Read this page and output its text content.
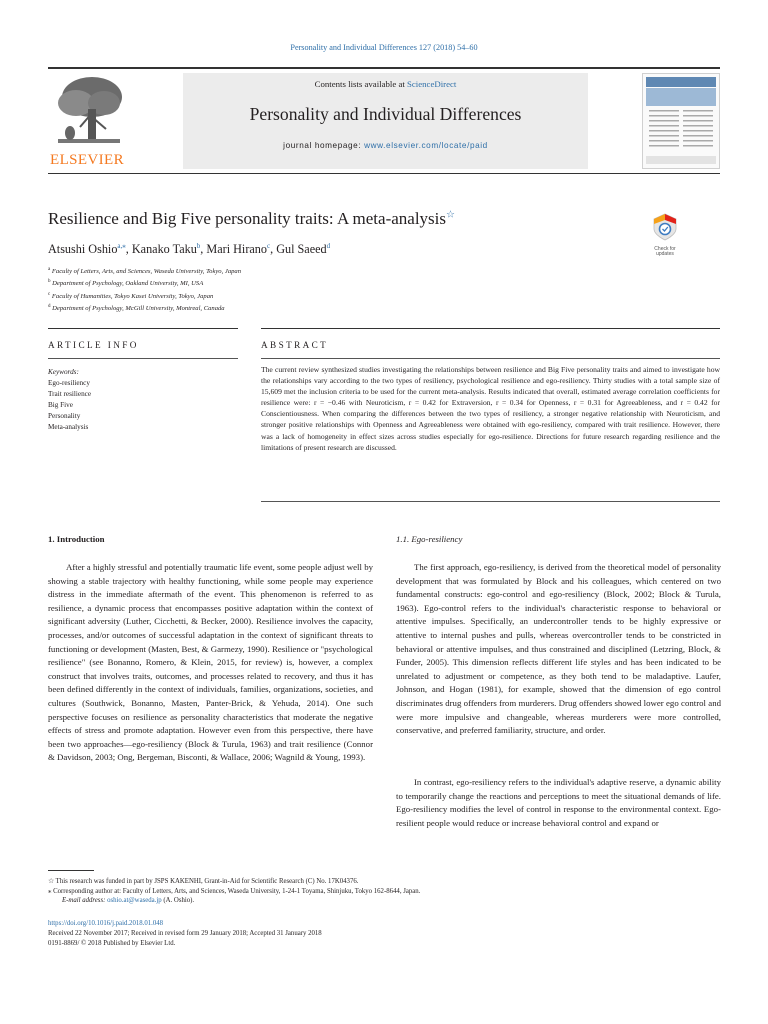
Personality and Individual Differences 127 (2018) 54–60
ELSEVIER
Contents lists available at ScienceDirect
Personality and Individual Differences
journal homepage: www.elsevier.com/locate/paid
Resilience and Big Five personality traits: A meta-analysis☆
Check for updates
Atsushi Oshio$^{a,⁎}$, Kanako Taku$^b$, Mari Hirano$^c$, Gul Saeed$^d$
$^a$ Faculty of Letters, Arts, and Sciences, Waseda University, Tokyo, Japan
$^b$ Department of Psychology, Oakland University, MI, USA
$^c$ Faculty of Humanities, Tokyo Kasei University, Tokyo, Japan
$^d$ Department of Psychology, McGill University, Montreal, Canada
ARTICLE INFO	ABSTRACT
Keywords:
Ego-resiliency
Trait resilience
Big Five
Personality
Meta-analysis

The current review synthesized studies investigating the relationships between resilience and Big Five personality traits and aimed to investigate how the relationships vary according to the two types of resiliency, psychological resilience and ego-resiliency. Thirty studies with a total sample size of 15,609 met the inclusion criteria to be used for the current meta-analysis. Results indicated that overall, estimated average correlation coefficients for resilience were: r = −0.46 with Neuroticism, r = 0.42 for Extraversion, r = 0.34 for Openness, r = 0.31 for Agreeableness, and r = 0.42 for Conscientiousness. When comparing the differences between the two types of resiliency, a stronger negative relationship with Neuroticism, and stronger positive relationships with Openness and Agreeableness were obtained with ego-resiliency, compared with trait resilience. However, there was a lack of homogeneity in effect sizes across studies especially for ego-resilience. Directions for future research regarding resilience and the limitations of present research are discussed.

1. Introduction	1.1. Ego-resiliency

After a highly stressful and potentially traumatic life event, some people adjust well by showing a stable trajectory with healthy functioning, while some people may experience distress in the immediate aftermath of the event. This phenomenon is referred to as resilience, a dynamic process that encompasses positive adaptation within the context of significant adversity (Luther, Cicchetti, & Becker, 2000). Resilience involves the capacity, processes, and/or outcomes of successful adaptation in the context of significant threats to functioning or development (Masten, Best, & Garmezy, 1990). Resilience or "psychological resilience" (see Bonanno, Romero, & Klein, 2015, for review) is, however, a complex construct that involves traits, outcomes, and processes related to recovery, and thus it has been defined differently in the context of individuals, families, organizations, societies, and cultures (Southwick, Bonanno, Masten, Panter-Brick, & Yehuda, 2014). One such perspective focuses on resilience as personality characteristics that moderate the negative effects of stress and promote adaptation. However even from this perspective, there have been two approaches—ego-resiliency (Block & Turula, 1963) and trait resilience (Connor & Davidson, 2003; Ong, Bergeman, Bisconti, & Wallace, 2006; Wagnild & Young, 1993).

The first approach, ego-resiliency, is derived from the theoretical model of personality development that was formulated by Block and his colleagues, which centered on two fundamental constructs: ego-control and ego-resiliency (Block, 2002; Block & Turula, 1963). Ego-control refers to the individual's characteristic response to behavioral or attentive impulses. Specifically, an undercontroller tends to be highly expressive or attentive to internal pushes and pulls, whereas overcontroller tends to be constricted in behavioral or attentive impulses, and thus constrained and disciplined (Letzring, Block, & Funder, 2005). This dimension reflects different life styles and has been indicated to be unrelated to adjustment or competence, as they both tend to be maladaptive. Laufer, Johnson, and Hogan (1981), for example, showed that the dimension of ego control discriminates drug offenders from murderers. Drug offenders showed lower ego control and were more impulsive and changeable, whereas murderers were more controlled, conservative, and preferred familiarity, structure, and order.

In contrast, ego-resiliency refers to the individual's adaptive reserve, a dynamic ability to temporarily change the reactions and perceptions to meet the situational demands of life. Ego-resiliency modifies the level of control in response to the environmental context. Ego-resilient people would reduce or increase behavioral control and expand or

☆ This research was funded in part by JSPS KAKENHI, Grant-in-Aid for Scientific Research (C) No. 17K04376.
⁎ Corresponding author at: Faculty of Letters, Arts, and Sciences, Waseda University, 1-24-1 Toyama, Shinjuku, Tokyo 162-8644, Japan.
E-mail address: oshio.at@waseda.jp (A. Oshio).
https://doi.org/10.1016/j.paid.2018.01.048
Received 22 November 2017; Received in revised form 29 January 2018; Accepted 31 January 2018
0191-8869/ © 2018 Published by Elsevier Ltd.
